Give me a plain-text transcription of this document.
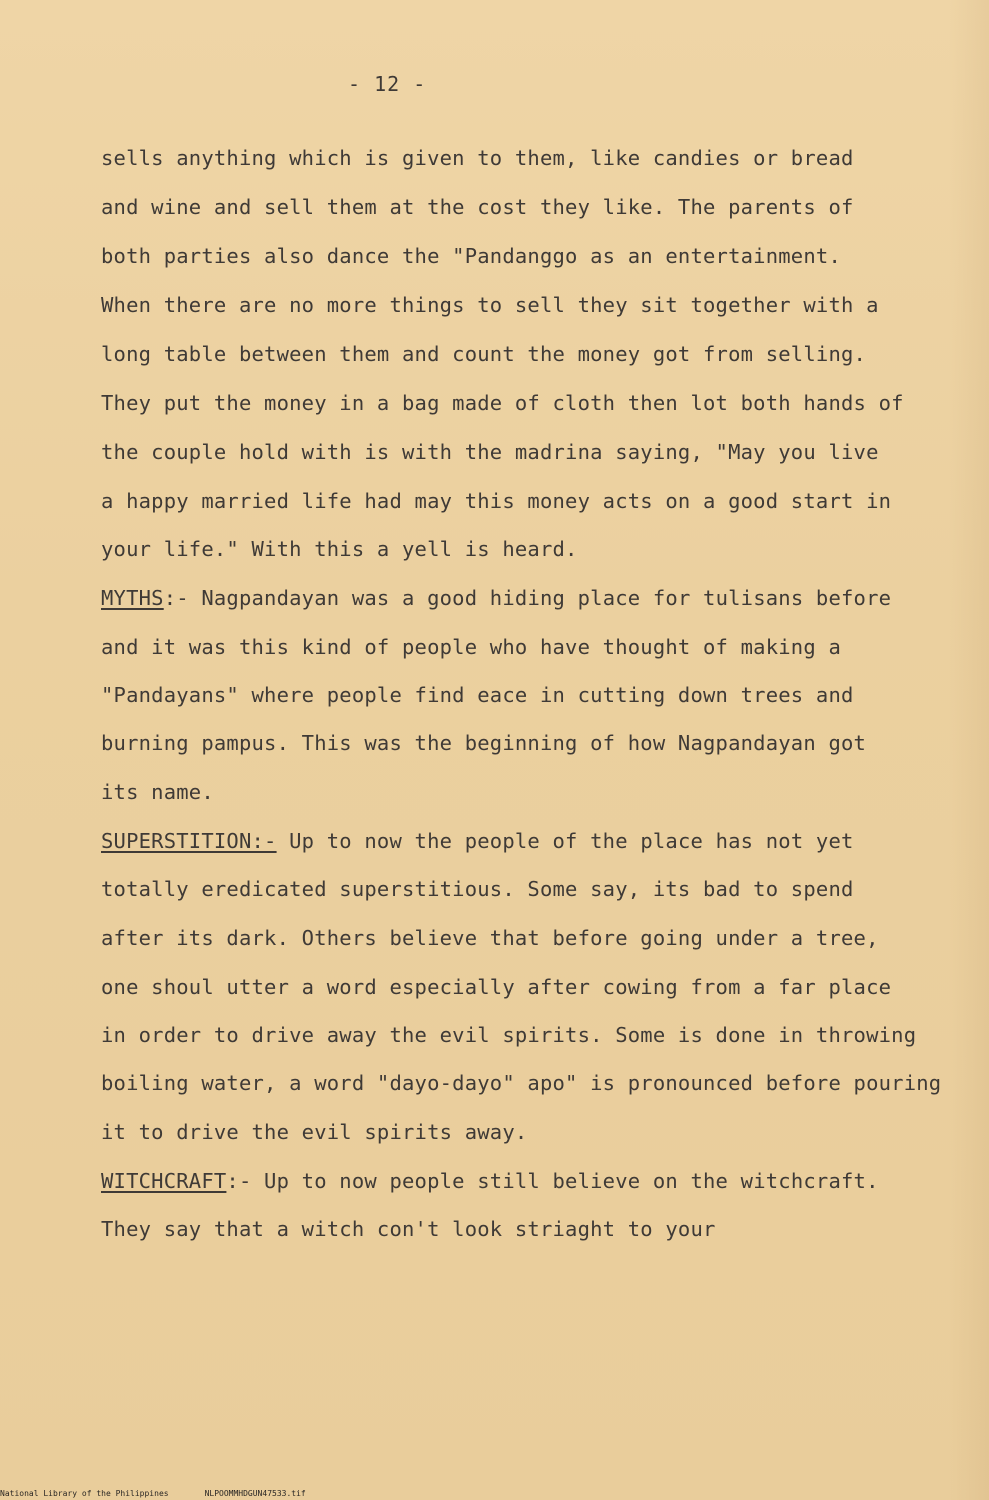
- 12 -
sells anything which is given to them, like candies or bread
and wine and sell them at the cost they like. The parents of
both parties also dance the "Pandanggo as an entertainment.
When there are no more things to sell they sit together with a
long table between them and count the money got from selling.
They put the money in a bag made of cloth then lot both hands of
the couple hold with is with the madrina saying, "May you live
a happy married life had may this money acts on a good start in
your life." With this a yell is heard.
MYTHS:- Nagpandayan was a good hiding place for tulisans before
and it was this kind of people who have thought of making a
"Pandayans" where people find eace in cutting down trees and
burning pampus. This was the beginning of how Nagpandayan got
its name.
SUPERSTITION:- Up to now the people of the place has not yet
totally eredicated superstitious. Some say, its bad to spend
after its dark. Others believe that before going under a tree,
one shoul utter a word especially after cowing from a far place
in order to drive away the evil spirits. Some is done in throwing
boiling water, a word "dayo-dayo" apo" is pronounced before pouring
it to drive the evil spirits away.
WITCHCRAFT:- Up to now people still believe on the witchcraft.
They say that a witch con't look striaght to your
National Library of the Philippines	NLPOOMMHDGUN47533.tif
